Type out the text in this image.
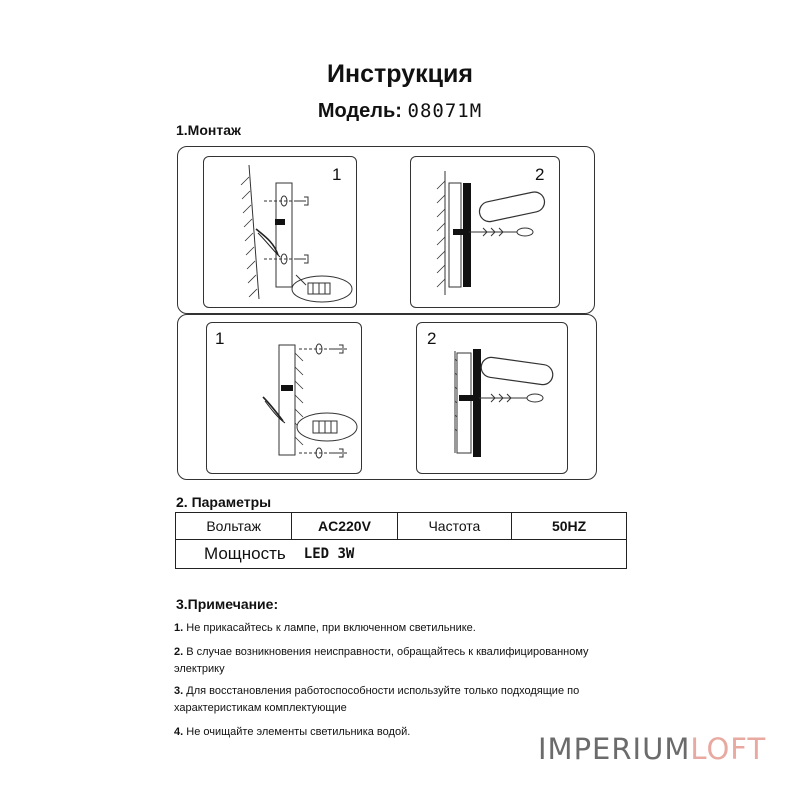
Инструкция
Модель: 08071M
1.Монтаж
1	2
1	2
2. Параметры
Вольтаж	AC220V	Частота	50HZ
Мощность	LED 3W		
3.Примечание:

1. Не прикасайтесь к лампе, при включенном светильнике.

2. В случае возникновения неисправности, обращайтесь к квалифицированному электрику

3. Для восстановления работоспособности используйте только подходящие по характеристикам комплектующие

4. Не очищайте элементы светильника водой.	IMPERIUMLOFT
